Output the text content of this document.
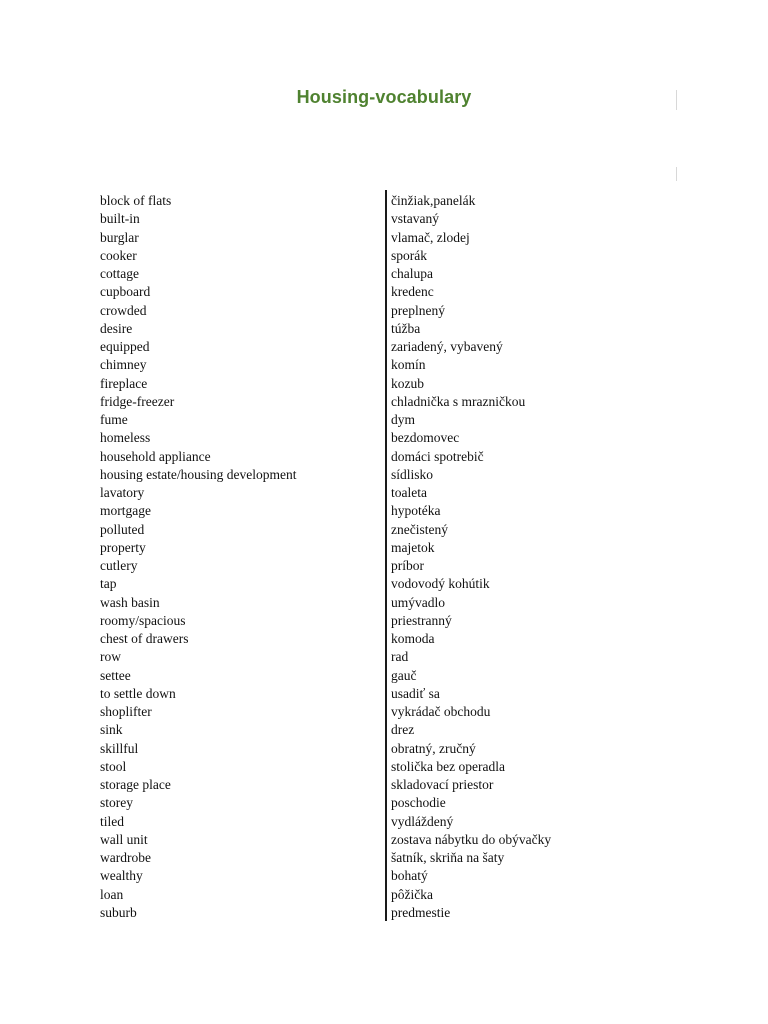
Housing-vocabulary
block of flats	činžiak,panelák
built-in	vstavaný
burglar	vlamač, zlodej
cooker	sporák
cottage	chalupa
cupboard	kredenc
crowded	preplnený
desire	túžba
equipped	zariadený, vybavený
chimney	komín
fireplace	kozub
fridge-freezer	chladnička s mrazničkou
fume	dym
homeless	bezdomovec
household appliance	domáci spotrebič
housing estate/housing development	sídlisko
lavatory	toaleta
mortgage	hypotéka
polluted	znečistený
property	majetok
cutlery	príbor
tap	vodovodý kohútik
wash basin	umývadlo
roomy/spacious	priestranný
chest of drawers	komoda
row	rad
settee	gauč
to settle down	usadiť sa
shoplifter	vykrádač obchodu
sink	drez
skillful	obratný, zručný
stool	stolička bez operadla
storage place	skladovací priestor
storey	poschodie
tiled	vydláždený
wall unit	zostava nábytku do obývačky
wardrobe	šatník, skriňa na šaty
wealthy	bohatý
loan	pôžička
suburb	predmestie
